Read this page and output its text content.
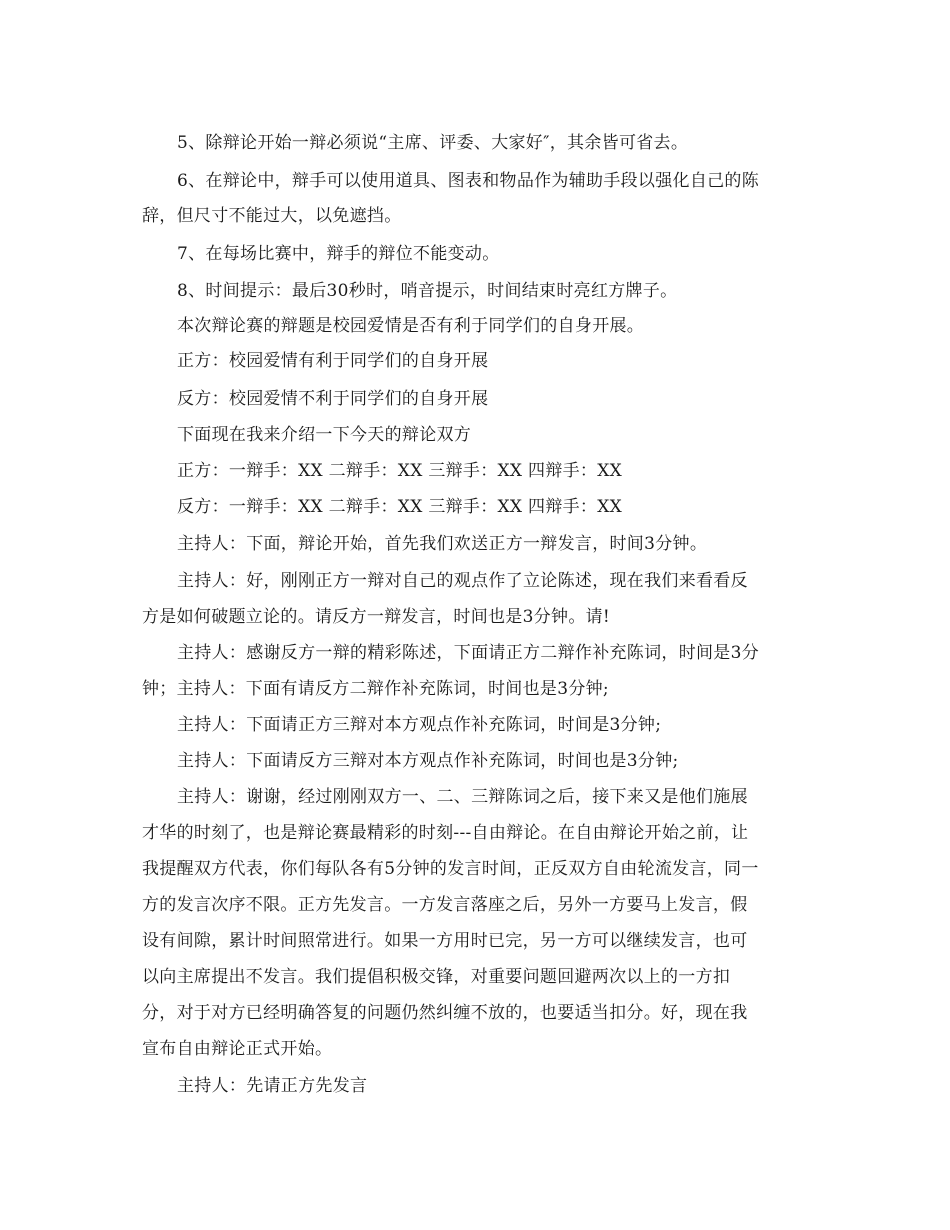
5、除辩论开始一辩必须说“主席、评委、大家好″，其余皆可省去。
6、在辩论中，辩手可以使用道具、图表和物品作为辅助手段以强化自己的陈
辞，但尺寸不能过大，以免遮挡。
7、在每场比赛中，辩手的辩位不能变动。
8、时间提示：最后30秒时，哨音提示，时间结束时亮红方牌子。
本次辩论赛的辩题是校园爱情是否有利于同学们的自身开展。
正方：校园爱情有利于同学们的自身开展
反方：校园爱情不利于同学们的自身开展
下面现在我来介绍一下今天的辩论双方
正方：一辩手：XX 二辩手：XX 三辩手：XX 四辩手：XX
反方：一辩手：XX 二辩手：XX 三辩手：XX 四辩手：XX
主持人：下面，辩论开始，首先我们欢送正方一辩发言，时间3分钟。
主持人：好，刚刚正方一辩对自己的观点作了立论陈述，现在我们来看看反
方是如何破题立论的。请反方一辩发言，时间也是3分钟。请!
主持人：感谢反方一辩的精彩陈述，下面请正方二辩作补充陈词，时间是3分
钟；主持人：下面有请反方二辩作补充陈词，时间也是3分钟;
主持人：下面请正方三辩对本方观点作补充陈词，时间是3分钟;
主持人：下面请反方三辩对本方观点作补充陈词，时间也是3分钟;
主持人：谢谢，经过刚刚双方一、二、三辩陈词之后，接下来又是他们施展
才华的时刻了，也是辩论赛最精彩的时刻---自由辩论。在自由辩论开始之前，让
我提醒双方代表，你们每队各有5分钟的发言时间，正反双方自由轮流发言，同一
方的发言次序不限。正方先发言。一方发言落座之后，另外一方要马上发言，假
设有间隙，累计时间照常进行。如果一方用时已完，另一方可以继续发言，也可
以向主席提出不发言。我们提倡积极交锋，对重要问题回避两次以上的一方扣
分，对于对方已经明确答复的问题仍然纠缠不放的，也要适当扣分。好，现在我
宣布自由辩论正式开始。
主持人：先请正方先发言
